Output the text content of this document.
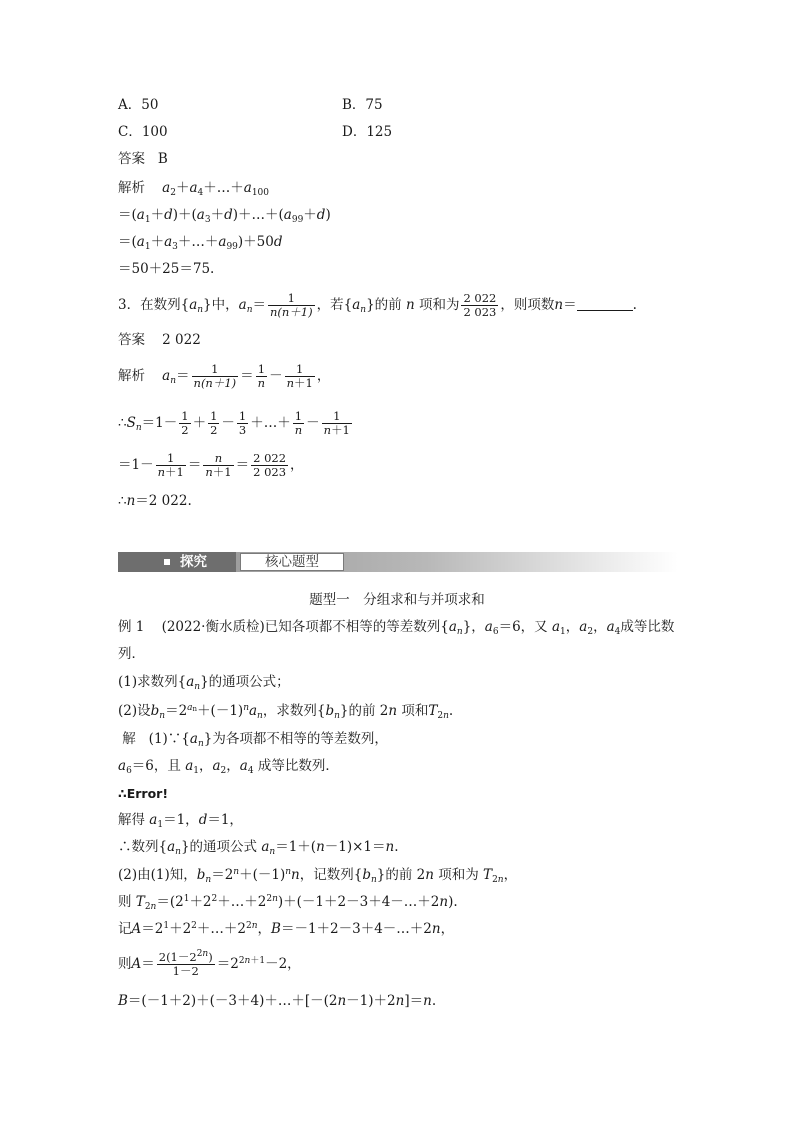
A．50	B．75
C．100	D．125
答案 B
解析 $a_2+a_4+\dots+a_{100}$
$=(a_1+d)+(a_3+d)+\dots+(a_{99}+d)$
$=(a_1+a_3+\dots+a_{99})+50d$
＝50＋25＝75.
3．在数列$\{a_n\}$中，$a_n= \frac{1}{n(n+1)}$ ，若$\{a_n\}$的前 n 项和为 $\frac{2 022}{2 023}$ ，则项数n＝	.
答案 2 022
解析 $a_n= \frac{1}{n(n+1)} = \frac{1}{n} - \frac{1}{n+1}$ ，
$\therefore S_n=1- \frac{1}{2} + \frac{1}{2} - \frac{1}{3}$ ＋…＋ $\frac{1}{n} - \frac{1}{n+1}$
$=1- \frac{1}{n+1} = \frac{n}{n+1} = \frac{2 022}{2 023}$ ，
∴n＝2 022.
探究	核心题型
题型一　分组求和与并项求和
例 1 (2022·衡水质检)已知各项都不相等的等差数列$\{a_n\}$，$a_6=6$，又 $a_1$，$a_2$，$a_4$成等比数
列．
(1)求数列$\{a_n\}$的通项公式；
(2)设$b_n=2^{a_n}+(-1)^na_n$，求数列$\{b_n\}$的前 2n 项和$T_{2n}$.
解 $(1)\because\{a_n\}$为各项都不相等的等差数列，
$a_6=6$，且 $a_1$，$a_2$，$a_4$ 成等比数列．
∴Error!
解得 $a_1=1$，d＝1，
∴数列$\{a_n\}$的通项公式 $a_n=1+(n-1)\times 1=n$.
(2)由(1)知，$b_n=2^n+(-1)^nn$，记数列$\{b_n\}$的前 2n 项和为 $T_{2n}$，
则 $T_{2n}=(2^1+2^2+\dots+2^{2n})+(-1+2-3+4-\dots+2n)$.
记$A=2^1+2^2+\dots+2^{2n}$，B＝－1＋2－3＋4－…＋2n，
则$A= \frac{2(1-2^{2n})}{1-2} =2^{2n+1}-2$，
B＝(－1＋2)＋(－3＋4)＋…＋[－(2n－1)＋2n]＝n.
